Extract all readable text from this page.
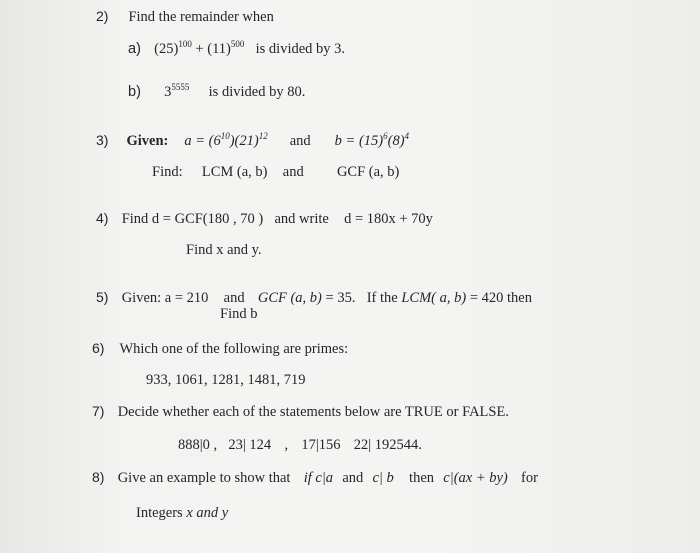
2) Find the remainder when
a) $(25)^{100} + (11)^{500}$ is divided by 3.
b) $3^{5555}$ is divided by 80.
3) Given: $a = (6^{10})(21)^{12}$ and $b = (15)^6(8)^4$
Find: LCM (a, b) and GCF (a, b)
4) Find d = GCF(180 , 70 ) and write d = 180x + 70y
Find x and y.
5) Given: a = 210 and GCF (a, b) = 35. If the LCM( a, b) = 420 then
Find b
6) Which one of the following are primes:
933, 1061, 1281, 1481, 719
7) Decide whether each of the statements below are TRUE or FALSE.
888|0 , 23| 124 , 17|156 22| 192544.
8) Give an example to show that if c|a and c| b then c|(ax + by) for
Integers x and y
